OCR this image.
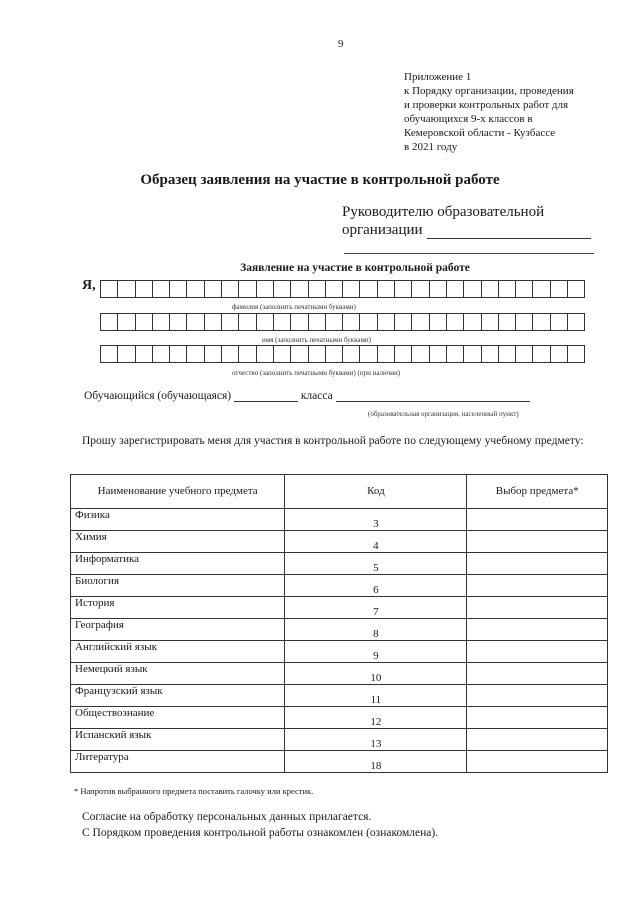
9
Приложение 1
к Порядку организации, проведения
и проверки контрольных работ для
обучающихся 9-х классов в
Кемеровской области - Кузбассе
в 2021 году
Образец заявления на участие в контрольной работе
Руководителю образовательной
организации
Заявление на участие в контрольной работе
Я,
фамилия (заполнить печатными буквами)
имя (заполнить печатными буквами)
отчество (заполнить печатными буквами) (при наличии)
Обучающийся (обучающаяся)	класса
(образовательная организация, населенный пункт)
Прошу зарегистрировать меня для участия в контрольной работе по следующему учебному предмету:
Наименование учебного предмета	Код	Выбор предмета*
Физика	3	
Химия	4	
Информатика	5	
Биология	6	
История	7	
География	8	
Английский язык	9	
Немецкий язык	10	
Французский язык	11	
Обществознание	12	
Испанский язык	13	
Литература	18	
* Напротив выбранного предмета поставить галочку или крестик.
Согласие на обработку персональных данных прилагается.
С Порядком проведения контрольной работы ознакомлен (ознакомлена).
